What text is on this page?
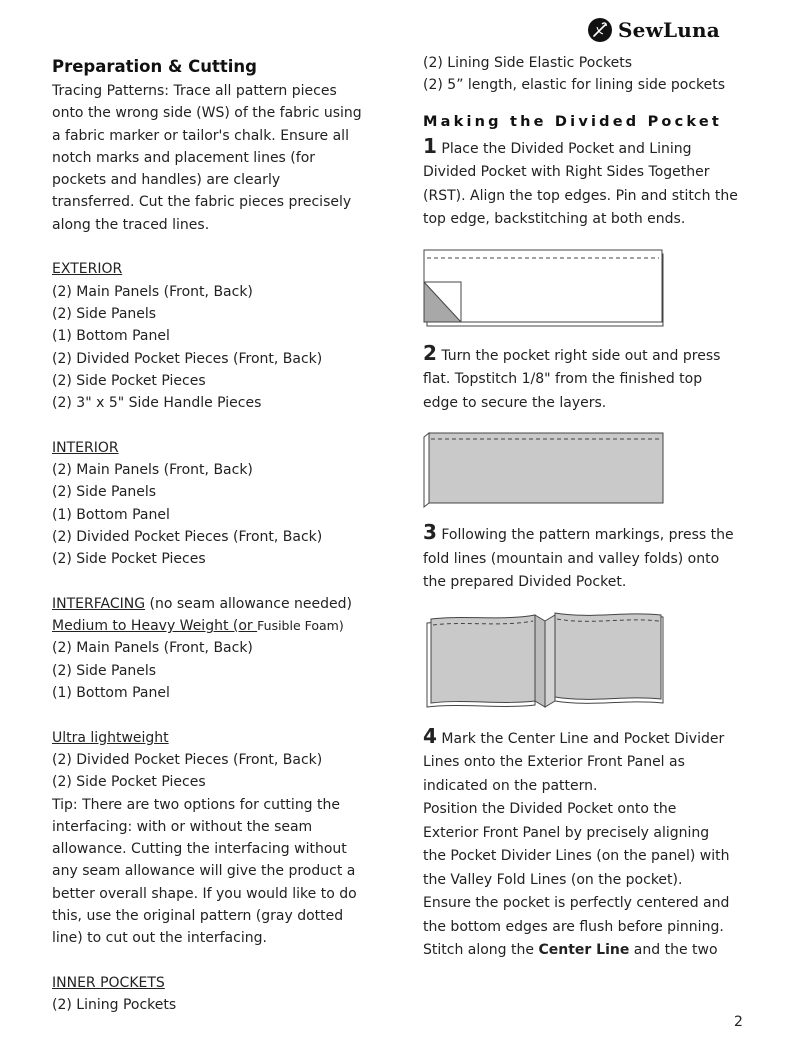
SewLuna
Preparation & Cutting
Tracing Patterns: Trace all pattern pieces
onto the wrong side (WS) of the fabric using
a fabric marker or tailor's chalk. Ensure all
notch marks and placement lines (for
pockets and handles) are clearly
transferred. Cut the fabric pieces precisely
along the traced lines.
EXTERIOR
(2) Main Panels (Front, Back)
(2) Side Panels
(1) Bottom Panel
(2) Divided Pocket Pieces (Front, Back)
(2) Side Pocket Pieces
(2) 3" x 5" Side Handle Pieces
INTERIOR
(2) Main Panels (Front, Back)
(2) Side Panels
(1) Bottom Panel
(2) Divided Pocket Pieces (Front, Back)
(2) Side Pocket Pieces
INTERFACING (no seam allowance needed)
Medium to Heavy Weight (or Fusible Foam)
(2) Main Panels (Front, Back)
(2) Side Panels
(1) Bottom Panel
Ultra lightweight
(2) Divided Pocket Pieces (Front, Back)
(2) Side Pocket Pieces
Tip: There are two options for cutting the
interfacing: with or without the seam
allowance. Cutting the interfacing without
any seam allowance will give the product a
better overall shape. If you would like to do
this, use the original pattern (gray dotted
line) to cut out the interfacing.
INNER POCKETS
(2) Lining Pockets
(2) Lining Side Elastic Pockets
(2) 5” length, elastic for lining side pockets
Making the Divided Pocket
1 Place the Divided Pocket and Lining
Divided Pocket with Right Sides Together
(RST). Align the top edges. Pin and stitch the
top edge, backstitching at both ends.
2 Turn the pocket right side out and press
flat. Topstitch 1/8" from the finished top
edge to secure the layers.
3 Following the pattern markings, press the
fold lines (mountain and valley folds) onto
the prepared Divided Pocket.
4 Mark the Center Line and Pocket Divider
Lines onto the Exterior Front Panel as
indicated on the pattern.
Position the Divided Pocket onto the
Exterior Front Panel by precisely aligning
the Pocket Divider Lines (on the panel) with
the Valley Fold Lines (on the pocket).
Ensure the pocket is perfectly centered and
the bottom edges are flush before pinning.
Stitch along the Center Line and the two
2
